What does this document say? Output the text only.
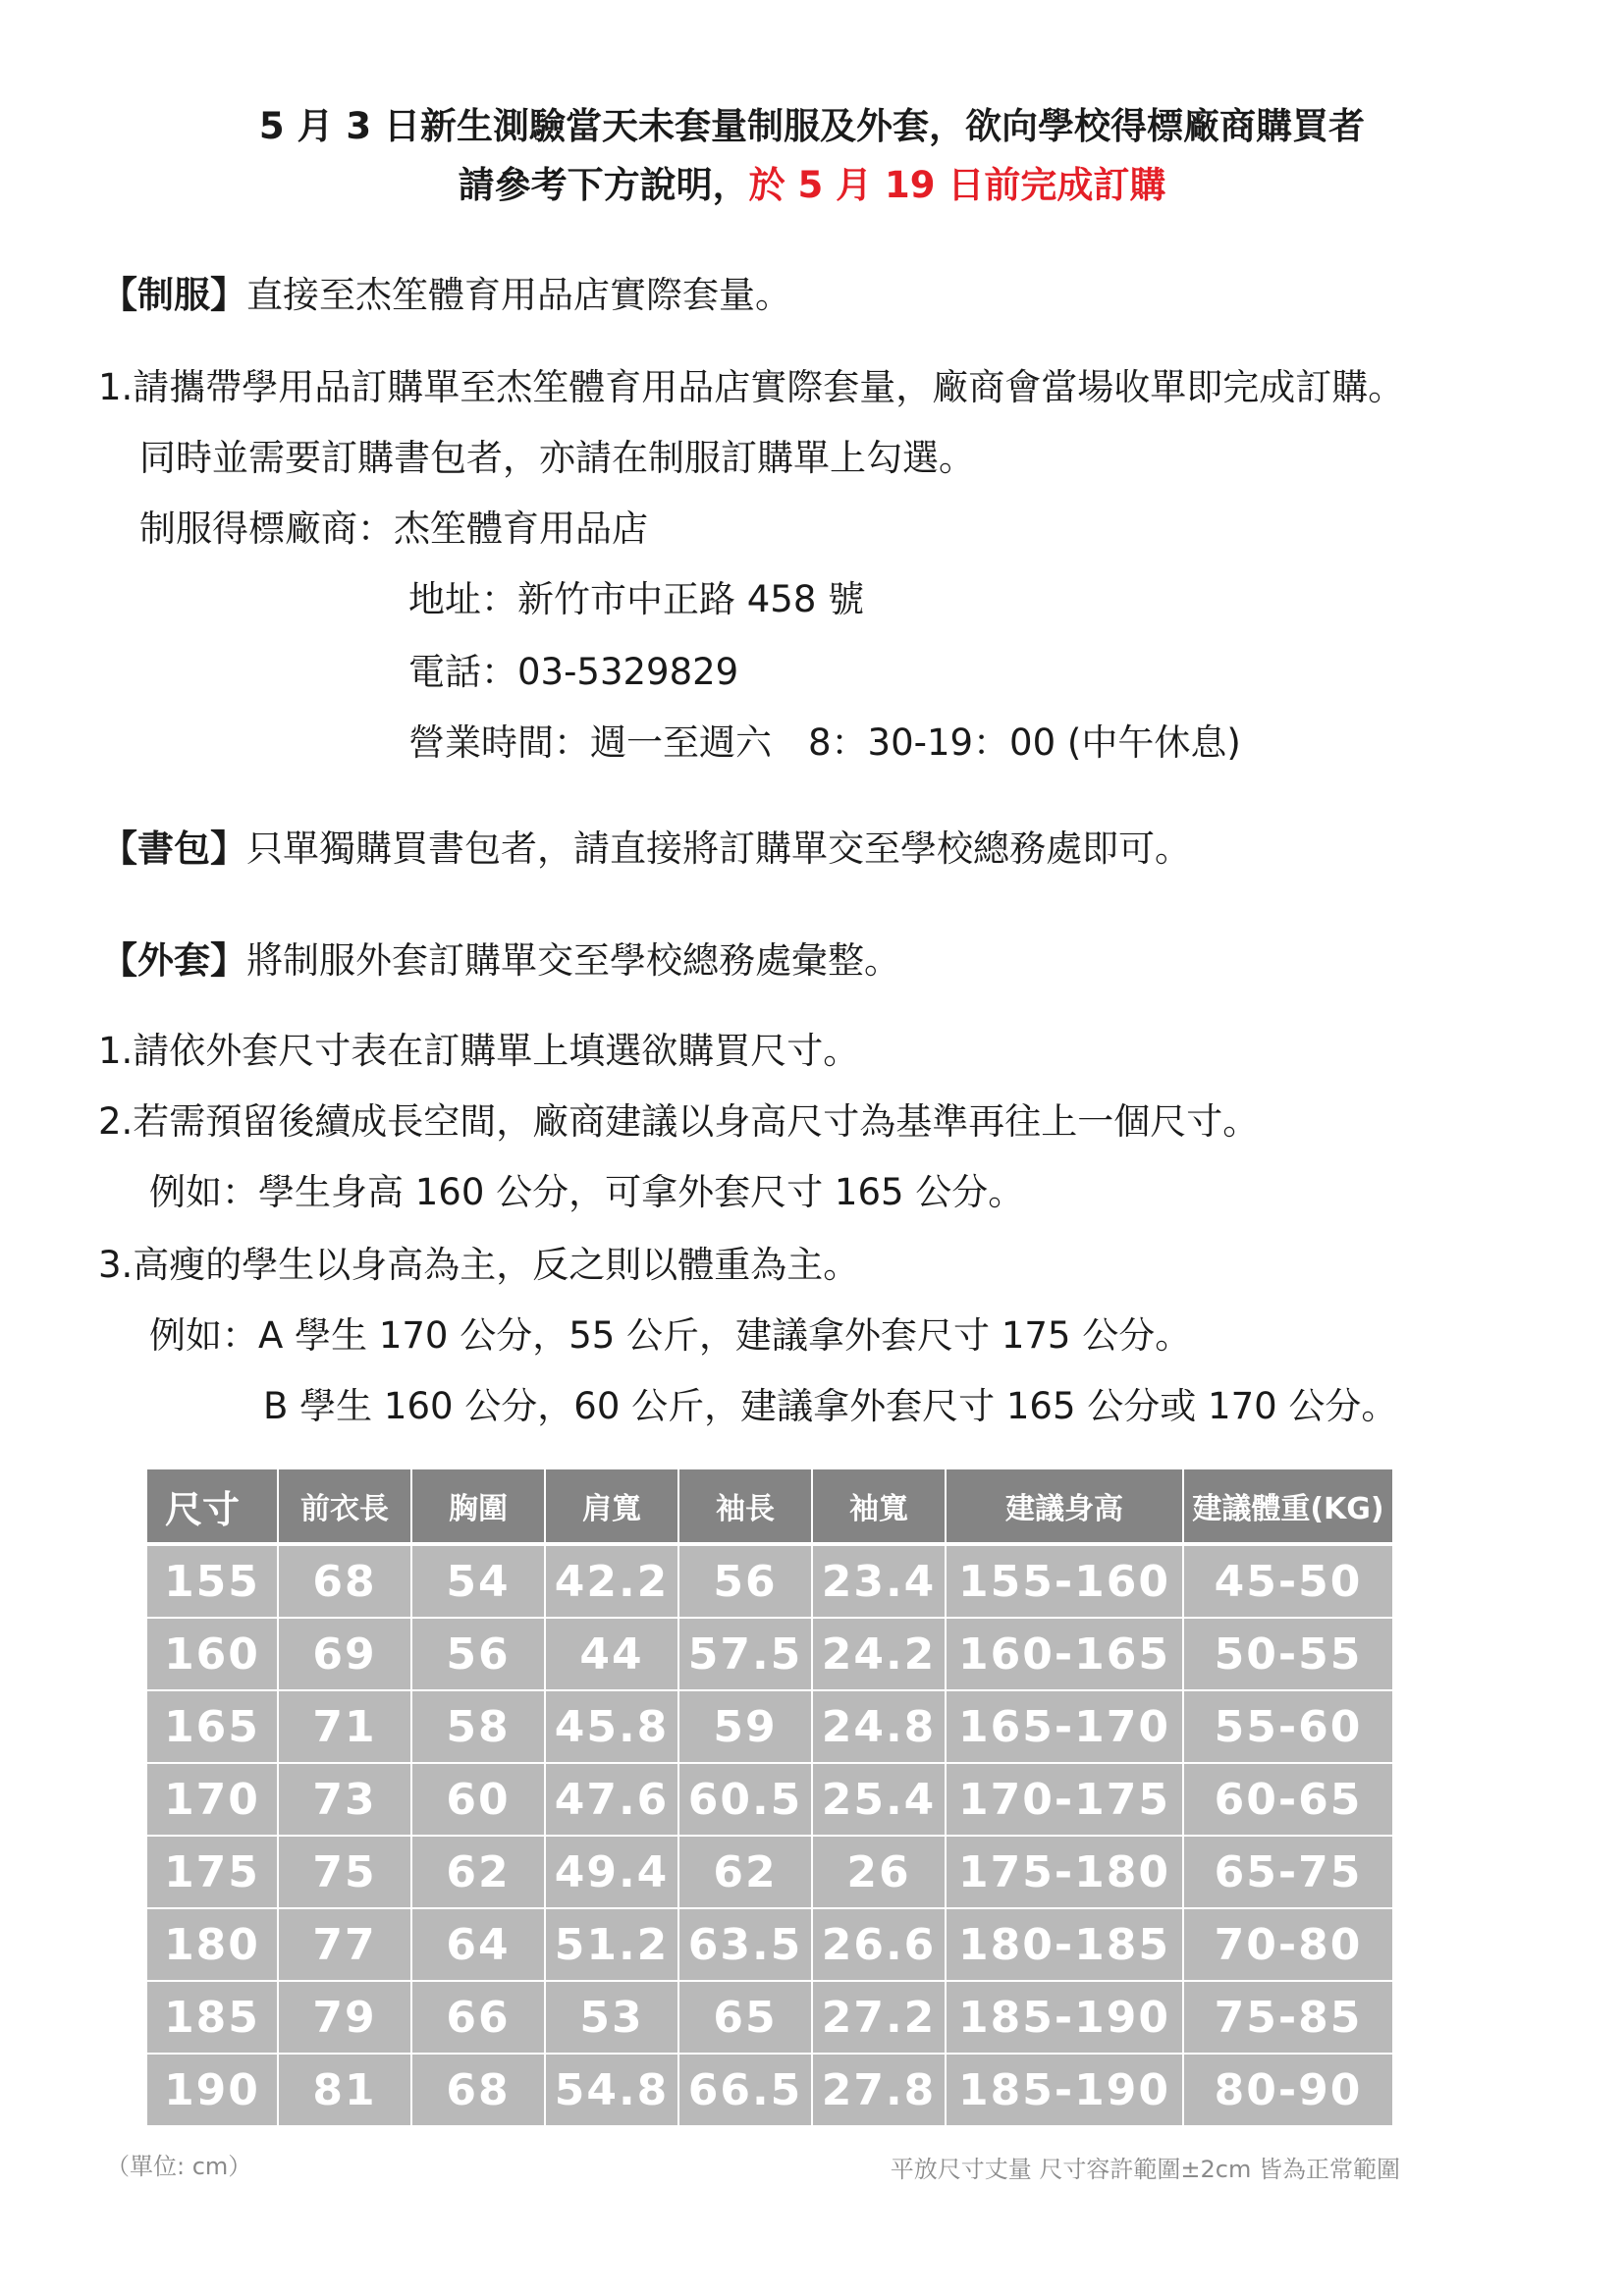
5 月 3 日新生測驗當天未套量制服及外套，欲向學校得標廠商購買者
請參考下方說明，於 5 月 19 日前完成訂購
【制服】直接至杰笙體育用品店實際套量。
1.請攜帶學用品訂購單至杰笙體育用品店實際套量，廠商會當場收單即完成訂購。
同時並需要訂購書包者，亦請在制服訂購單上勾選。
制服得標廠商：杰笙體育用品店
地址：新竹市中正路 458 號
電話：03-5329829
營業時間：週一至週六　8：30-19：00 (中午休息)
【書包】只單獨購買書包者，請直接將訂購單交至學校總務處即可。
【外套】將制服外套訂購單交至學校總務處彙整。
1.請依外套尺寸表在訂購單上填選欲購買尺寸。
2.若需預留後續成長空間，廠商建議以身高尺寸為基準再往上一個尺寸。
例如：學生身高 160 公分，可拿外套尺寸 165 公分。
3.高瘦的學生以身高為主，反之則以體重為主。
例如：A 學生 170 公分，55 公斤，建議拿外套尺寸 175 公分。
B 學生 160 公分，60 公斤，建議拿外套尺寸 165 公分或 170 公分。
尺寸	前衣長	胸圍	肩寬	袖長	袖寬	建議身高	建議體重(KG)
155	68	54	42.2	56	23.4	155-160	45-50
160	69	56	44	57.5	24.2	160-165	50-55
165	71	58	45.8	59	24.8	165-170	55-60
170	73	60	47.6	60.5	25.4	170-175	60-65
175	75	62	49.4	62	26	175-180	65-75
180	77	64	51.2	63.5	26.6	180-185	70-80
185	79	66	53	65	27.2	185-190	75-85
190	81	68	54.8	66.5	27.8	185-190	80-90
（單位: cm）	平放尺寸丈量 尺寸容許範圍±2cm 皆為正常範圍
